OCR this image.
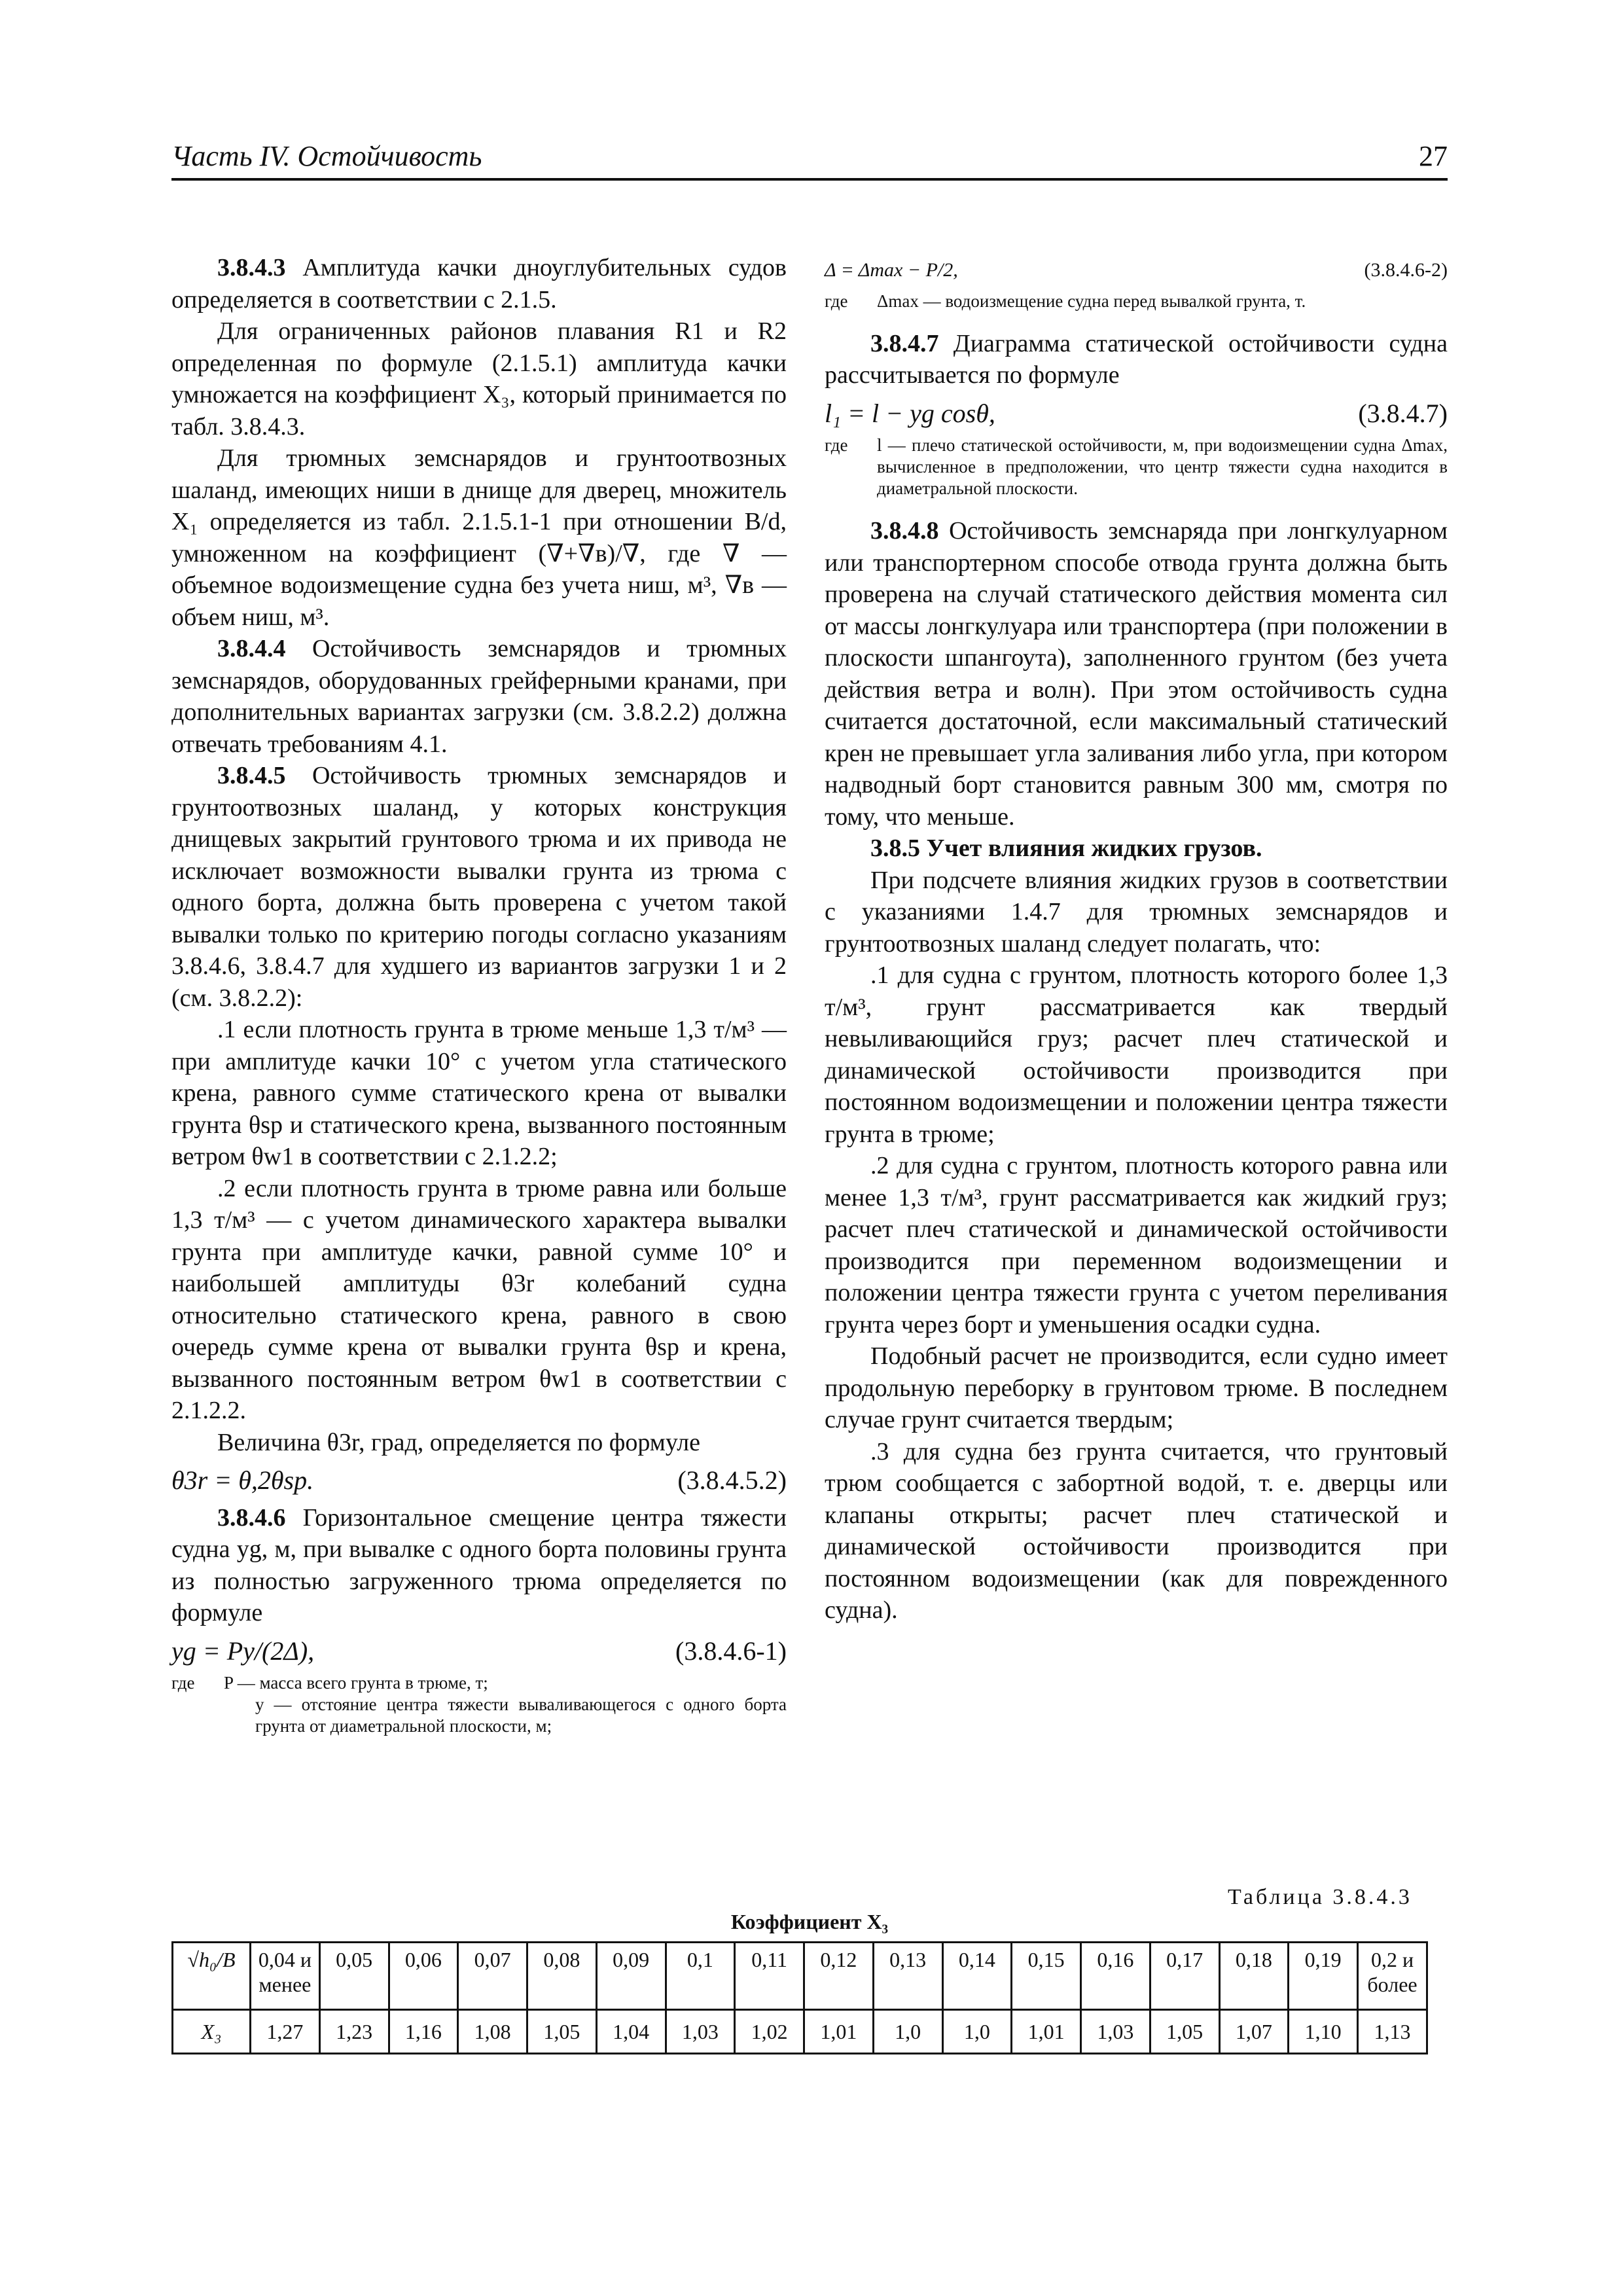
Часть IV. Остойчивость	27

3.8.4.3 Амплитуда качки дноуглубительных судов определяется в соответствии с 2.1.5.

Для ограниченных районов плавания R1 и R2 определенная по формуле (2.1.5.1) амплитуда качки умножается на коэффициент X₃, который принимается по табл. 3.8.4.3.

Для трюмных земснарядов и грунтоотвозных шаланд, имеющих ниши в днище для дверец, множитель X₁ определяется из табл. 2.1.5.1-1 при отношении B/d, умноженном на коэффициент (∇+∇в)/∇, где ∇ — объемное водоизмещение судна без учета ниш, м³, ∇в — объем ниш, м³.

3.8.4.4 Остойчивость земснарядов и трюмных земснарядов, оборудованных грейферными кранами, при дополнительных вариантах загрузки (см. 3.8.2.2) должна отвечать требованиям 4.1.

3.8.4.5 Остойчивость трюмных земснарядов и грунтоотвозных шаланд, у которых конструкция днищевых закрытий грунтового трюма и их привода не исключает возможности вывалки грунта из трюма с одного борта, должна быть проверена с учетом такой вывалки только по критерию погоды согласно указаниям 3.8.4.6, 3.8.4.7 для худшего из вариантов загрузки 1 и 2 (см. 3.8.2.2):

.1 если плотность грунта в трюме меньше 1,3 т/м³ — при амплитуде качки 10° с учетом угла статического крена, равного сумме статического крена от вывалки грунта θsp и статического крена, вызванного постоянным ветром θw1 в соответствии с 2.1.2.2;

.2 если плотность грунта в трюме равна или больше 1,3 т/м³ — с учетом динамического характера вывалки грунта при амплитуде качки, равной сумме 10° и наибольшей амплитуды θ3r колебаний судна относительно статического крена, равного в свою очередь сумме крена от вывалки грунта θsp и крена, вызванного постоянным ветром θw1 в соответствии с 2.1.2.2.

Величина θ3r, град, определяется по формуле

θ3r = θ,2θsp.	(3.8.4.5.2)

3.8.4.6 Горизонтальное смещение центра тяжести судна yg, м, при вывалке с одного борта половины грунта из полностью загруженного трюма определяется по формуле

yg = Py/(2Δ),	(3.8.4.6-1)
где	P — масса всего грунта в трюме, т;
y — отстояние центра тяжести вываливающегося с одного борта грунта от диаметральной плоскости, м;
Δ = Δmax − P/2,	(3.8.4.6-2)
где	Δmax — водоизмещение судна перед вывалкой грунта, т.

3.8.4.7 Диаграмма статической остойчивости судна рассчитывается по формуле

l₁ = l − yg cosθ,	(3.8.4.7)
где	l — плечо статической остойчивости, м, при водоизмещении судна Δmax, вычисленное в предположении, что центр тяжести судна находится в диаметральной плоскости.

3.8.4.8 Остойчивость земснаряда при лонгкулуарном или транспортерном способе отвода грунта должна быть проверена на случай статического действия момента сил от массы лонгкулуара или транспортера (при положении в плоскости шпангоута), заполненного грунтом (без учета действия ветра и волн). При этом остойчивость судна считается достаточной, если максимальный статический крен не превышает угла заливания либо угла, при котором надводный борт становится равным 300 мм, смотря по тому, что меньше.

3.8.5 Учет влияния жидких грузов.

При подсчете влияния жидких грузов в соответствии с указаниями 1.4.7 для трюмных земснарядов и грунтоотвозных шаланд следует полагать, что:

.1 для судна с грунтом, плотность которого более 1,3 т/м³, грунт рассматривается как твердый невыливающийся груз; расчет плеч статической и динамической остойчивости производится при постоянном водоизмещении и положении центра тяжести грунта в трюме;

.2 для судна с грунтом, плотность которого равна или менее 1,3 т/м³, грунт рассматривается как жидкий груз; расчет плеч статической и динамической остойчивости производится при переменном водоизмещении и положении центра тяжести грунта с учетом переливания грунта через борт и уменьшения осадки судна.

Подобный расчет не производится, если судно имеет продольную переборку в грунтовом трюме. В последнем случае грунт считается твердым;

.3 для судна без грунта считается, что грунтовый трюм сообщается с забортной водой, т. е. дверцы или клапаны открыты; расчет плеч статической и динамической остойчивости производится при постоянном водоизмещении (как для поврежденного судна).

Таблица 3.8.4.3
Коэффициент X₃
√h₀/B	0,04 и менее	0,05	0,06	0,07	0,08	0,09	0,1	0,11	0,12	0,13	0,14	0,15	0,16	0,17	0,18	0,19	0,2 и более
X₃	1,27	1,23	1,16	1,08	1,05	1,04	1,03	1,02	1,01	1,0	1,0	1,01	1,03	1,05	1,07	1,10	1,13
